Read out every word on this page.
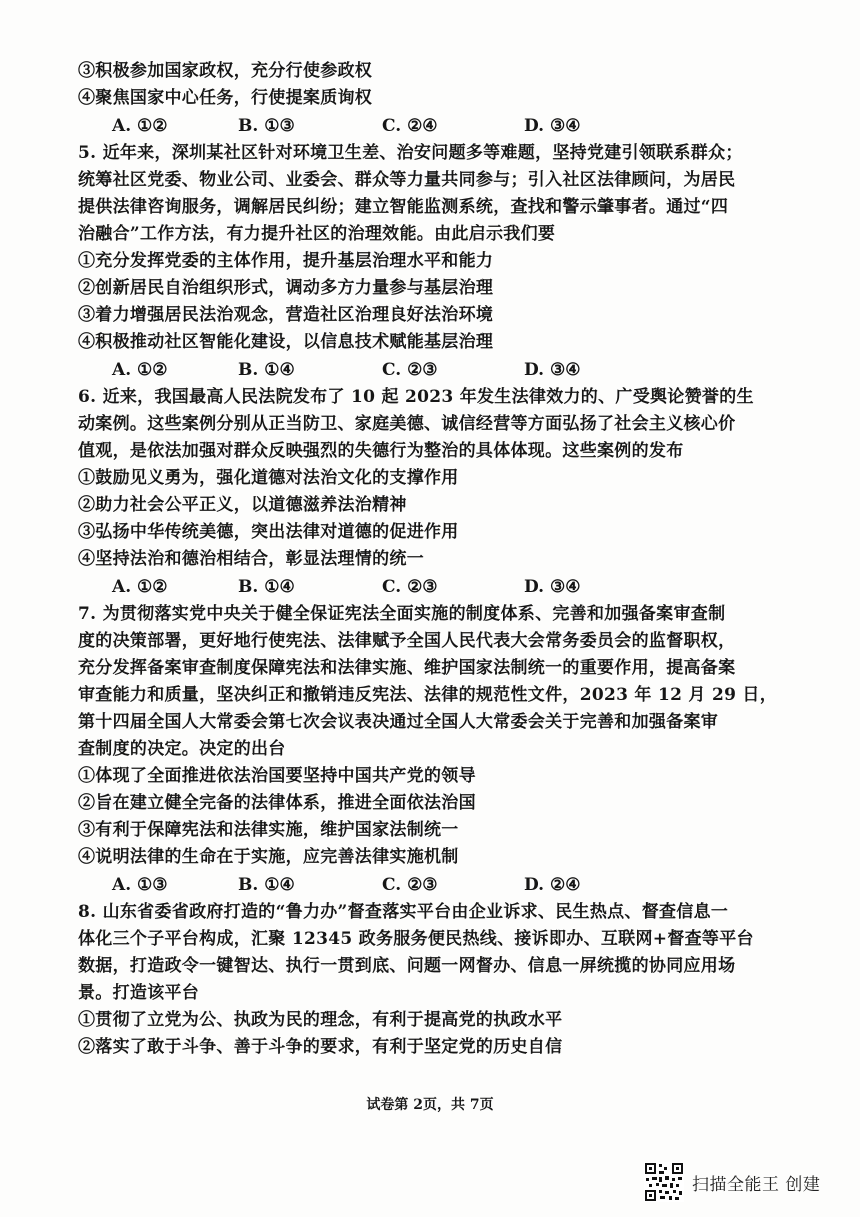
③积极参加国家政权，充分行使参政权
④聚焦国家中心任务，行使提案质询权
A. ①②	B. ①③	C. ②④	D. ③④
5. 近年来，深圳某社区针对环境卫生差、治安问题多等难题，坚持党建引领联系群众；
统筹社区党委、物业公司、业委会、群众等力量共同参与；引入社区法律顾问，为居民
提供法律咨询服务，调解居民纠纷；建立智能监测系统，查找和警示肇事者。通过“四
治融合”工作方法，有力提升社区的治理效能。由此启示我们要
①充分发挥党委的主体作用，提升基层治理水平和能力
②创新居民自治组织形式，调动多方力量参与基层治理
③着力增强居民法治观念，营造社区治理良好法治环境
④积极推动社区智能化建设，以信息技术赋能基层治理
A. ①②	B. ①④	C. ②③	D. ③④
6. 近来，我国最高人民法院发布了 10 起 2023 年发生法律效力的、广受舆论赞誉的生
动案例。这些案例分别从正当防卫、家庭美德、诚信经营等方面弘扬了社会主义核心价
值观，是依法加强对群众反映强烈的失德行为整治的具体体现。这些案例的发布
①鼓励见义勇为，强化道德对法治文化的支撑作用
②助力社会公平正义，以道德滋养法治精神
③弘扬中华传统美德，突出法律对道德的促进作用
④坚持法治和德治相结合，彰显法理情的统一
A. ①②	B. ①④	C. ②③	D. ③④
7. 为贯彻落实党中央关于健全保证宪法全面实施的制度体系、完善和加强备案审查制
度的决策部署，更好地行使宪法、法律赋予全国人民代表大会常务委员会的监督职权，
充分发挥备案审查制度保障宪法和法律实施、维护国家法制统一的重要作用，提高备案
审查能力和质量，坚决纠正和撤销违反宪法、法律的规范性文件，2023 年 12 月 29 日，
第十四届全国人大常委会第七次会议表决通过全国人大常委会关于完善和加强备案审
查制度的决定。决定的出台
①体现了全面推进依法治国要坚持中国共产党的领导
②旨在建立健全完备的法律体系，推进全面依法治国
③有利于保障宪法和法律实施，维护国家法制统一
④说明法律的生命在于实施，应完善法律实施机制
A. ①③	B. ①④	C. ②③	D. ②④
8. 山东省委省政府打造的“鲁力办”督查落实平台由企业诉求、民生热点、督查信息一
体化三个子平台构成，汇聚 12345 政务服务便民热线、接诉即办、互联网+督查等平台
数据，打造政令一键智达、执行一贯到底、问题一网督办、信息一屏统揽的协同应用场
景。打造该平台
①贯彻了立党为公、执政为民的理念，有利于提高党的执政水平
②落实了敢于斗争、善于斗争的要求，有利于坚定党的历史自信
试卷第 2页，共 7页
扫描全能王 创建
